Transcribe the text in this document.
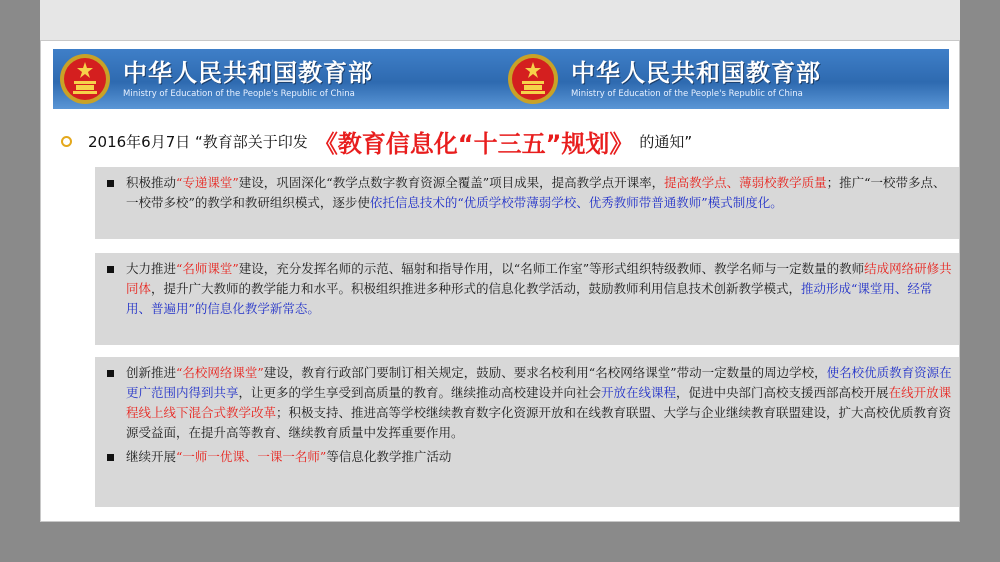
中华人民共和国教育部
Ministry of Education of the People's Republic of China
中华人民共和国教育部
Ministry of Education of the People's Republic of China
2016年6月7日 “教育部关于印发 《教育信息化“十三五”规划》 的通知”

积极推动“专递课堂”建设，巩固深化“教学点数字教育资源全覆盖”项目成果，提高教学点开课率，提高教学点、薄弱校教学质量；推广“一校带多点、一校带多校”的教学和教研组织模式，逐步使依托信息技术的“优质学校带薄弱学校、优秀教师带普通教师”模式制度化。

大力推进“名师课堂”建设，充分发挥名师的示范、辐射和指导作用，以“名师工作室”等形式组织特级教师、教学名师与一定数量的教师结成网络研修共同体，提升广大教师的教学能力和水平。积极组织推进多种形式的信息化教学活动，鼓励教师利用信息技术创新教学模式，推动形成“课堂用、经常用、普遍用”的信息化教学新常态。

创新推进“名校网络课堂”建设，教育行政部门要制订相关规定，鼓励、要求名校利用“名校网络课堂”带动一定数量的周边学校，使名校优质教育资源在更广范围内得到共享，让更多的学生享受到高质量的教育。继续推动高校建设并向社会开放在线课程，促进中央部门高校支援西部高校开展在线开放课程线上线下混合式教学改革；积极支持、推进高等学校继续教育数字化资源开放和在线教育联盟、大学与企业继续教育联盟建设，扩大高校优质教育资源受益面，在提升高等教育、继续教育质量中发挥重要作用。

继续开展“一师一优课、一课一名师”等信息化教学推广活动
